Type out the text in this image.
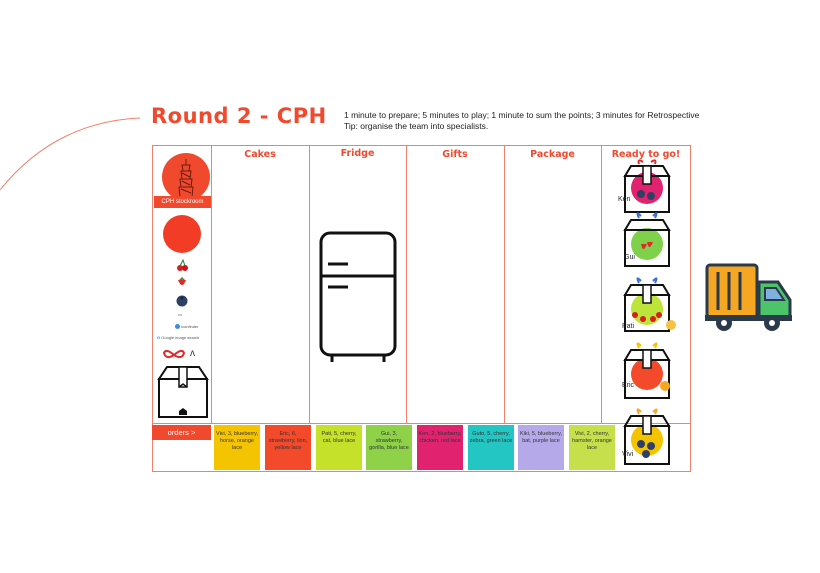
Round 2 - CPH 1 minute to prepare; 5 minutes to play; 1 minute to sum the points; 3 minutes for Retrospective
Tip: organise the team into specialists.
Cakes	Fridge	Gifts	Package	Ready to go!
CPH stockroom
•••
iconfinder
G Google image search
ʌ
orders >	Vivi, 3, blueberry, horse, orange lace
Eric, 6, strawberry, lion, yellow lace
Pati, 5, cherry, cat, blue lace
Gui, 3, strawberry, gorilla, blue lace
Ken, 2, blueberry, chicken, red lace
Guto, 5, cherry, zebra, green lace
Kiki, 5, blueberry, bat, purple lace
Vivi, 2, cherry, hamster, orange lace
Ken
Gui
Pati
Eric
Vivi
